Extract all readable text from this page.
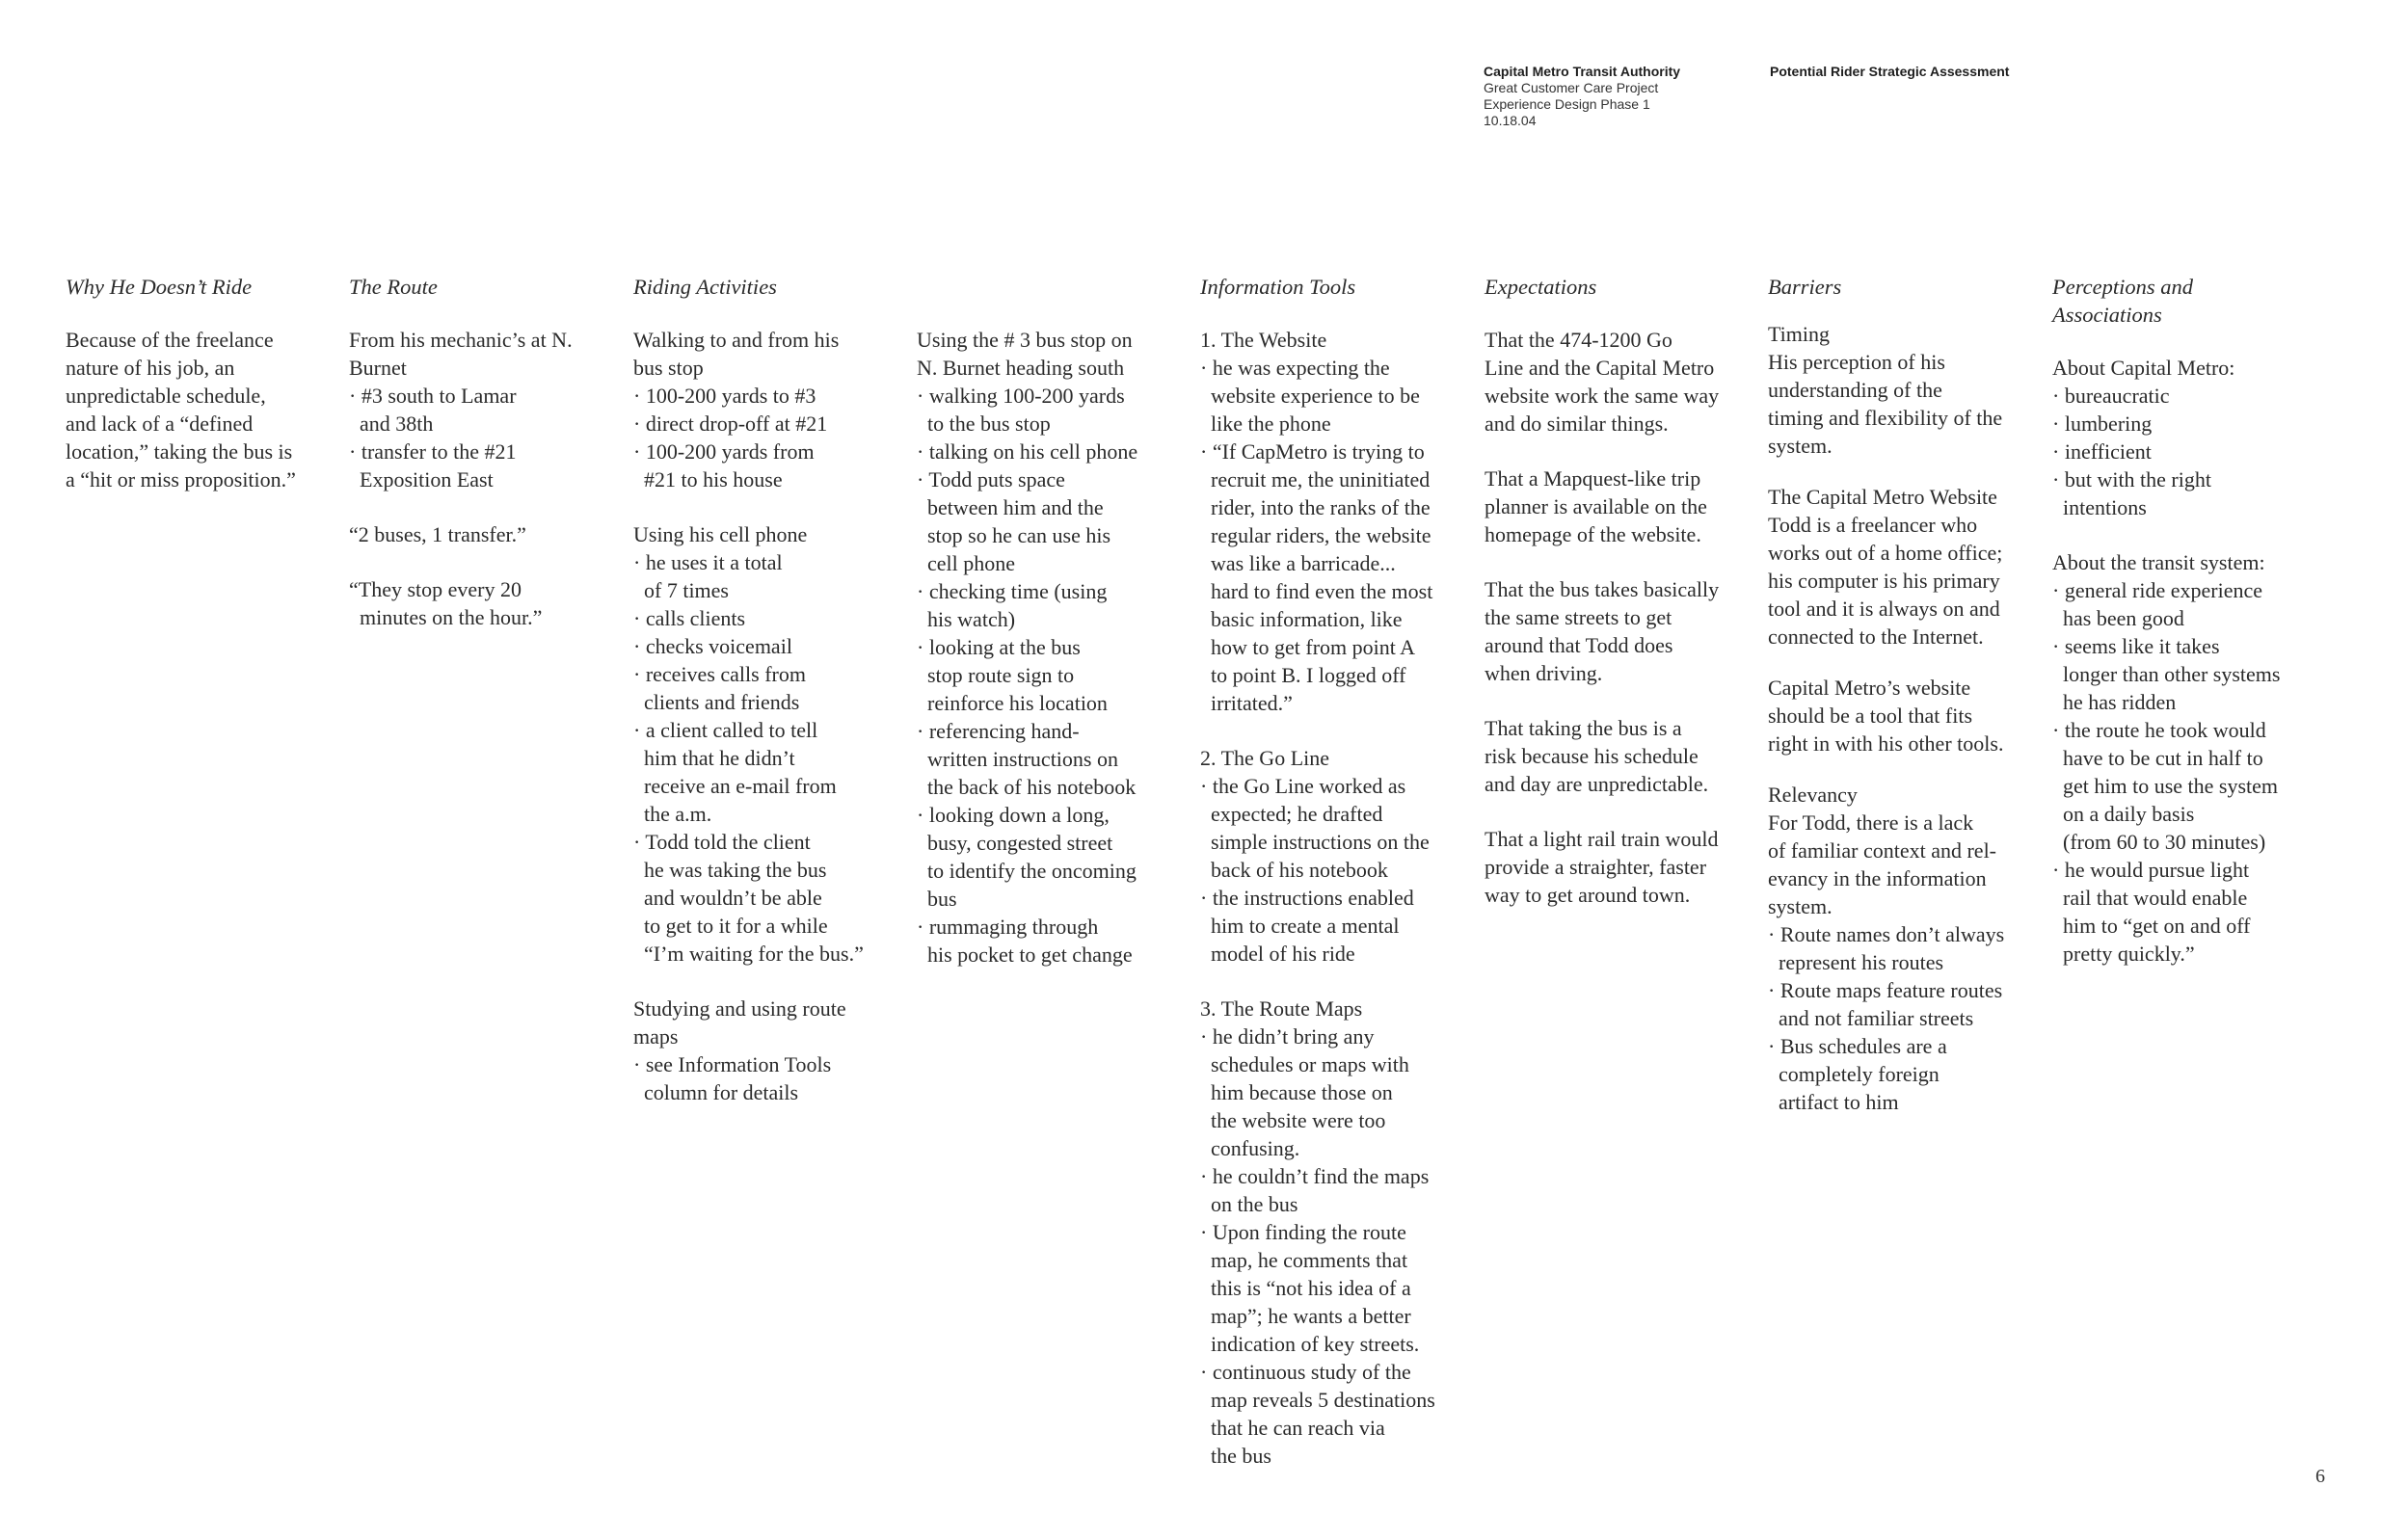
Capital Metro Transit Authority
Great Customer Care Project
Experience Design Phase 1
10.18.04
Potential Rider Strategic Assessment
Why He Doesn’t Ride
Because of the freelance
nature of his job, an
unpredictable schedule,
and lack of a “defined
location,” taking the bus is
a “hit or miss proposition.”
The Route

From his mechanic’s at N.
Burnet
· #3 south to Lamar
and 38th
· transfer to the #21
Exposition East

“2 buses, 1 transfer.”

“They stop every 20
minutes on the hour.”

Riding Activities

Walking to and from his
bus stop
· 100-200 yards to #3
· direct drop-off at #21
· 100-200 yards from
#21 to his house

Using his cell phone
· he uses it a total
of 7 times
· calls clients
· checks voicemail
· receives calls from
clients and friends
· a client called to tell
him that he didn’t
receive an e-mail from
the a.m.
· Todd told the client
he was taking the bus
and wouldn’t be able
to get to it for a while
“I’m waiting for the bus.”

Studying and using route
maps
· see Information Tools
column for details

Using the # 3 bus stop on
N. Burnet heading south
· walking 100-200 yards
to the bus stop
· talking on his cell phone
· Todd puts space
between him and the
stop so he can use his
cell phone
· checking time (using
his watch)
· looking at the bus
stop route sign to
reinforce his location
· referencing hand-
written instructions on
the back of his notebook
· looking down a long,
busy, congested street
to identify the oncoming
bus
· rummaging through
his pocket to get change

Information Tools

1. The Website
· he was expecting the
website experience to be
like the phone
· “If CapMetro is trying to
recruit me, the uninitiated
rider, into the ranks of the
regular riders, the website
was like a barricade...
hard to find even the most
basic information, like
how to get from point A
to point B. I logged off
irritated.”

2. The Go Line
· the Go Line worked as
expected; he drafted
simple instructions on the
back of his notebook
· the instructions enabled
him to create a mental
model of his ride

3. The Route Maps
· he didn’t bring any
schedules or maps with
him because those on
the website were too
confusing.
· he couldn’t find the maps
on the bus
· Upon finding the route
map, he comments that
this is “not his idea of a
map”; he wants a better
indication of key streets.
· continuous study of the
map reveals 5 destinations
that he can reach via
the bus

Expectations

That the 474-1200 Go
Line and the Capital Metro
website work the same way
and do similar things.

That a Mapquest-like trip
planner is available on the
homepage of the website.

That the bus takes basically
the same streets to get
around that Todd does
when driving.

That taking the bus is a
risk because his schedule
and day are unpredictable.

That a light rail train would
provide a straighter, faster
way to get around town.

Barriers

Timing
His perception of his
understanding of the
timing and flexibility of the
system.

The Capital Metro Website
Todd is a freelancer who
works out of a home office;
his computer is his primary
tool and it is always on and
connected to the Internet.

Capital Metro’s website
should be a tool that fits
right in with his other tools.

Relevancy
For Todd, there is a lack
of familiar context and rel-
evancy in the information
system.
· Route names don’t always
represent his routes
· Route maps feature routes
and not familiar streets
· Bus schedules are a
completely foreign
artifact to him

Perceptions and
Associations

About Capital Metro:
· bureaucratic
· lumbering
· inefficient
· but with the right
intentions

About the transit system:
· general ride experience
has been good
· seems like it takes
longer than other systems
he has ridden
· the route he took would
have to be cut in half to
get him to use the system
on a daily basis
(from 60 to 30 minutes)
· he would pursue light
rail that would enable
him to “get on and off
pretty quickly.”

6
